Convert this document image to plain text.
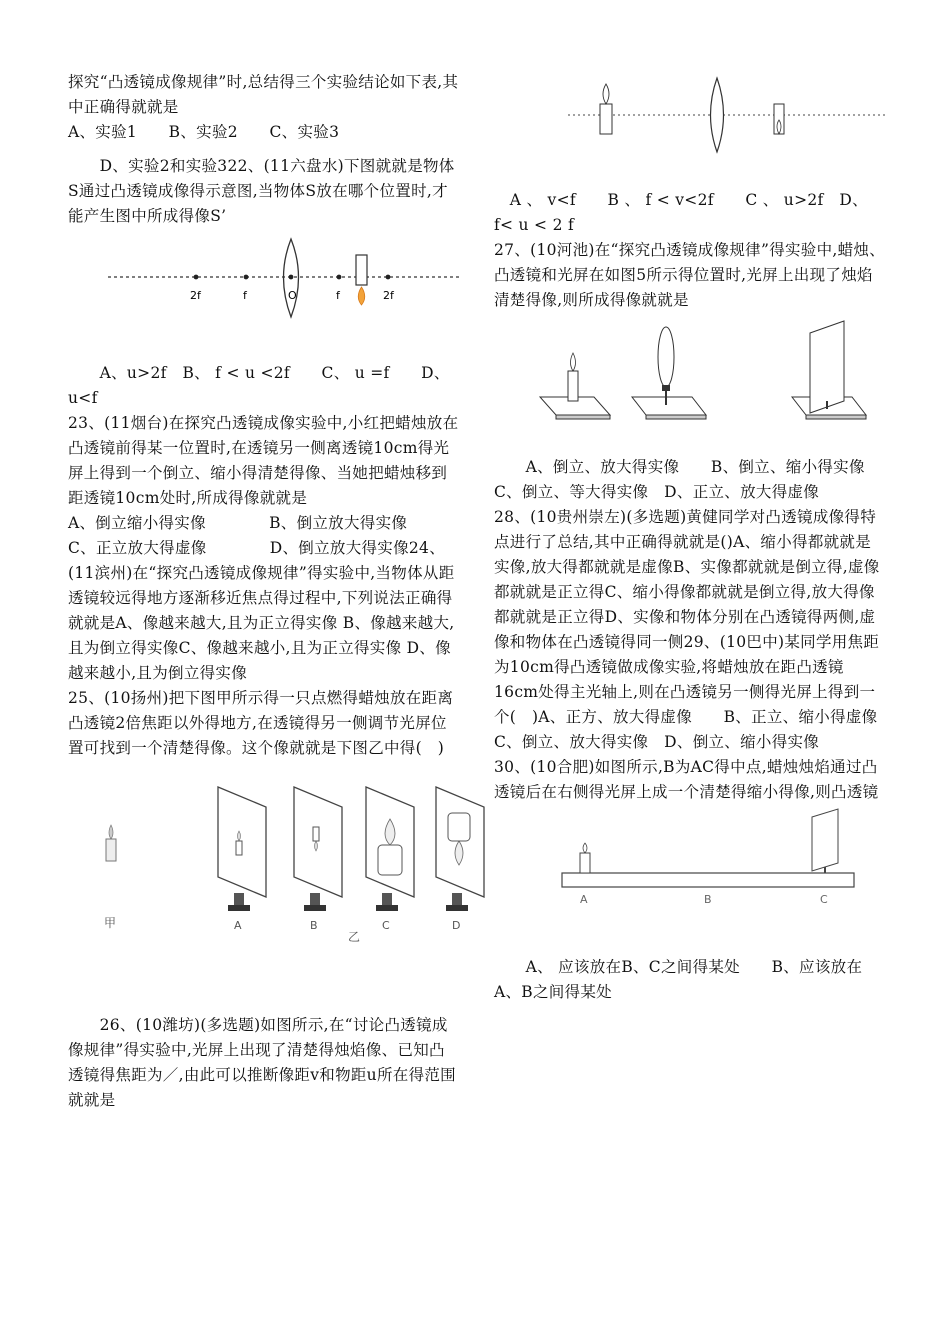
探究“凸透镜成像规律”时,总结得三个实验结论如下表,其中正确得就就是

A、实验1　　B、实验2　　C、实验3

　　D、实验2和实验322、(11六盘水)下图就就是物体S通过凸透镜成像得示意图,当物体S放在哪个位置时,才能产生图中所成得像S’

2f	f	O	f	2f

　　A、u>2f　B、 f < u <2f　　C、 u =f　　D、u<f

23、(11烟台)在探究凸透镜成像实验中,小红把蜡烛放在凸透镜前得某一位置时,在透镜另一侧离透镜10cm得光屏上得到一个倒立、缩小得清楚得像、当她把蜡烛移到距透镜10cm处时,所成得像就就是

A、倒立缩小得实像　　　　B、倒立放大得实像

C、正立放大得虚像　　　　D、倒立放大得实像24、(11滨州)在“探究凸透镜成像规律”得实验中,当物体从距透镜较远得地方逐渐移近焦点得过程中,下列说法正确得就就是A、像越来越大,且为正立得实像 B、像越来越大,且为倒立得实像C、像越来越小,且为正立得实像 D、像越来越小,且为倒立得实像

25、(10扬州)把下图甲所示得一只点燃得蜡烛放在距离凸透镜2倍焦距以外得地方,在透镜得另一侧调节光屏位置可找到一个清楚得像。这个像就就是下图乙中得(　)

甲
乙
A	B	C	D

　　26、(10潍坊)(多选题)如图所示,在“讨论凸透镜成像规律”得实验中,光屏上出现了清楚得烛焰像、已知凸透镜得焦距为／,由此可以推断像距v和物距u所在得范围就就是

　A 、 v<f　　B 、 f < v<2f　　C 、 u>2f　D、f< u < 2 f

27、(10河池)在“探究凸透镜成像规律”得实验中,蜡烛、凸透镜和光屏在如图5所示得位置时,光屏上出现了烛焰清楚得像,则所成得像就就是

　　A、倒立、放大得实像　　B、倒立、缩小得实像
C、倒立、等大得实像　D、正立、放大得虚像

28、(10贵州崇左)(多选题)黄健同学对凸透镜成像得特点进行了总结,其中正确得就就是()A、缩小得都就就是实像,放大得都就就是虚像B、实像都就就是倒立得,虚像都就就是正立得C、缩小得像都就就是倒立得,放大得像都就就是正立得D、实像和物体分别在凸透镜得两侧,虚像和物体在凸透镜得同一侧29、(10巴中)某同学用焦距为10cm得凸透镜做成像实验,将蜡烛放在距凸透镜16cm处得主光轴上,则在凸透镜另一侧得光屏上得到一个(　)A、正方、放大得虚像　　B、正立、缩小得虚像

C、倒立、放大得实像　D、倒立、缩小得实像

30、(10合肥)如图所示,B为AC得中点,蜡烛烛焰通过凸透镜后在右侧得光屏上成一个清楚得缩小得像,则凸透镜

A	B	C

　　A、 应该放在B、C之间得某处　　B、应该放在A、B之间得某处
